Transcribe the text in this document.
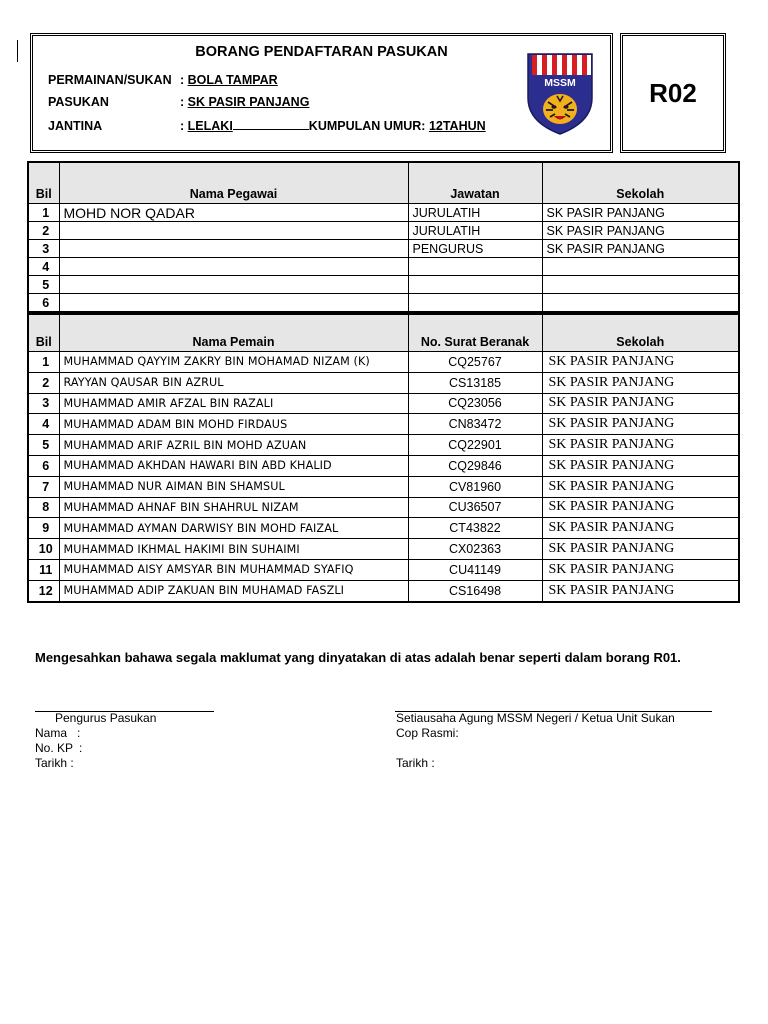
BORANG PENDAFTARAN PASUKAN
PERMAINAN/SUKAN : BOLA TAMPAR
PASUKAN	: SK PASIR PANJANG
JANTINA	: LELAKI	KUMPULAN UMUR: 12TAHUN
MSSM	R02
Bil	Nama Pegawai	Jawatan	Sekolah
1	MOHD NOR QADAR	JURULATIH	SK PASIR PANJANG
2		JURULATIH	SK PASIR PANJANG
3		PENGURUS	SK PASIR PANJANG
4			
5			
6			
Bil	Nama Pemain	No. Surat Beranak	Sekolah
1	MUHAMMAD QAYYIM ZAKRY BIN MOHAMAD NIZAM (K)	CQ25767	SK PASIR PANJANG
2	RAYYAN QAUSAR BIN AZRUL	CS13185	SK PASIR PANJANG
3	MUHAMMAD AMIR AFZAL BIN RAZALI	CQ23056	SK PASIR PANJANG
4	MUHAMMAD ADAM BIN MOHD FIRDAUS	CN83472	SK PASIR PANJANG
5	MUHAMMAD ARIF AZRIL BIN MOHD AZUAN	CQ22901	SK PASIR PANJANG
6	MUHAMMAD AKHDAN HAWARI BIN ABD KHALID	CQ29846	SK PASIR PANJANG
7	MUHAMMAD NUR AIMAN BIN SHAMSUL	CV81960	SK PASIR PANJANG
8	MUHAMMAD AHNAF BIN SHAHRUL NIZAM	CU36507	SK PASIR PANJANG
9	MUHAMMAD AYMAN DARWISY BIN MOHD FAIZAL	CT43822	SK PASIR PANJANG
10	MUHAMMAD IKHMAL HAKIMI BIN SUHAIMI	CX02363	SK PASIR PANJANG
11	MUHAMMAD AISY AMSYAR BIN MUHAMMAD SYAFIQ	CU41149	SK PASIR PANJANG
12	MUHAMMAD ADIP ZAKUAN BIN MUHAMAD FASZLI	CS16498	SK PASIR PANJANG
Mengesahkan bahawa segala maklumat yang dinyatakan di atas adalah benar seperti dalam borang R01.
Pengurus Pasukan
Nama :
No. KP :
Tarikh :
Setiausaha Agung MSSM Negeri / Ketua Unit Sukan
Cop Rasmi:
Tarikh :
